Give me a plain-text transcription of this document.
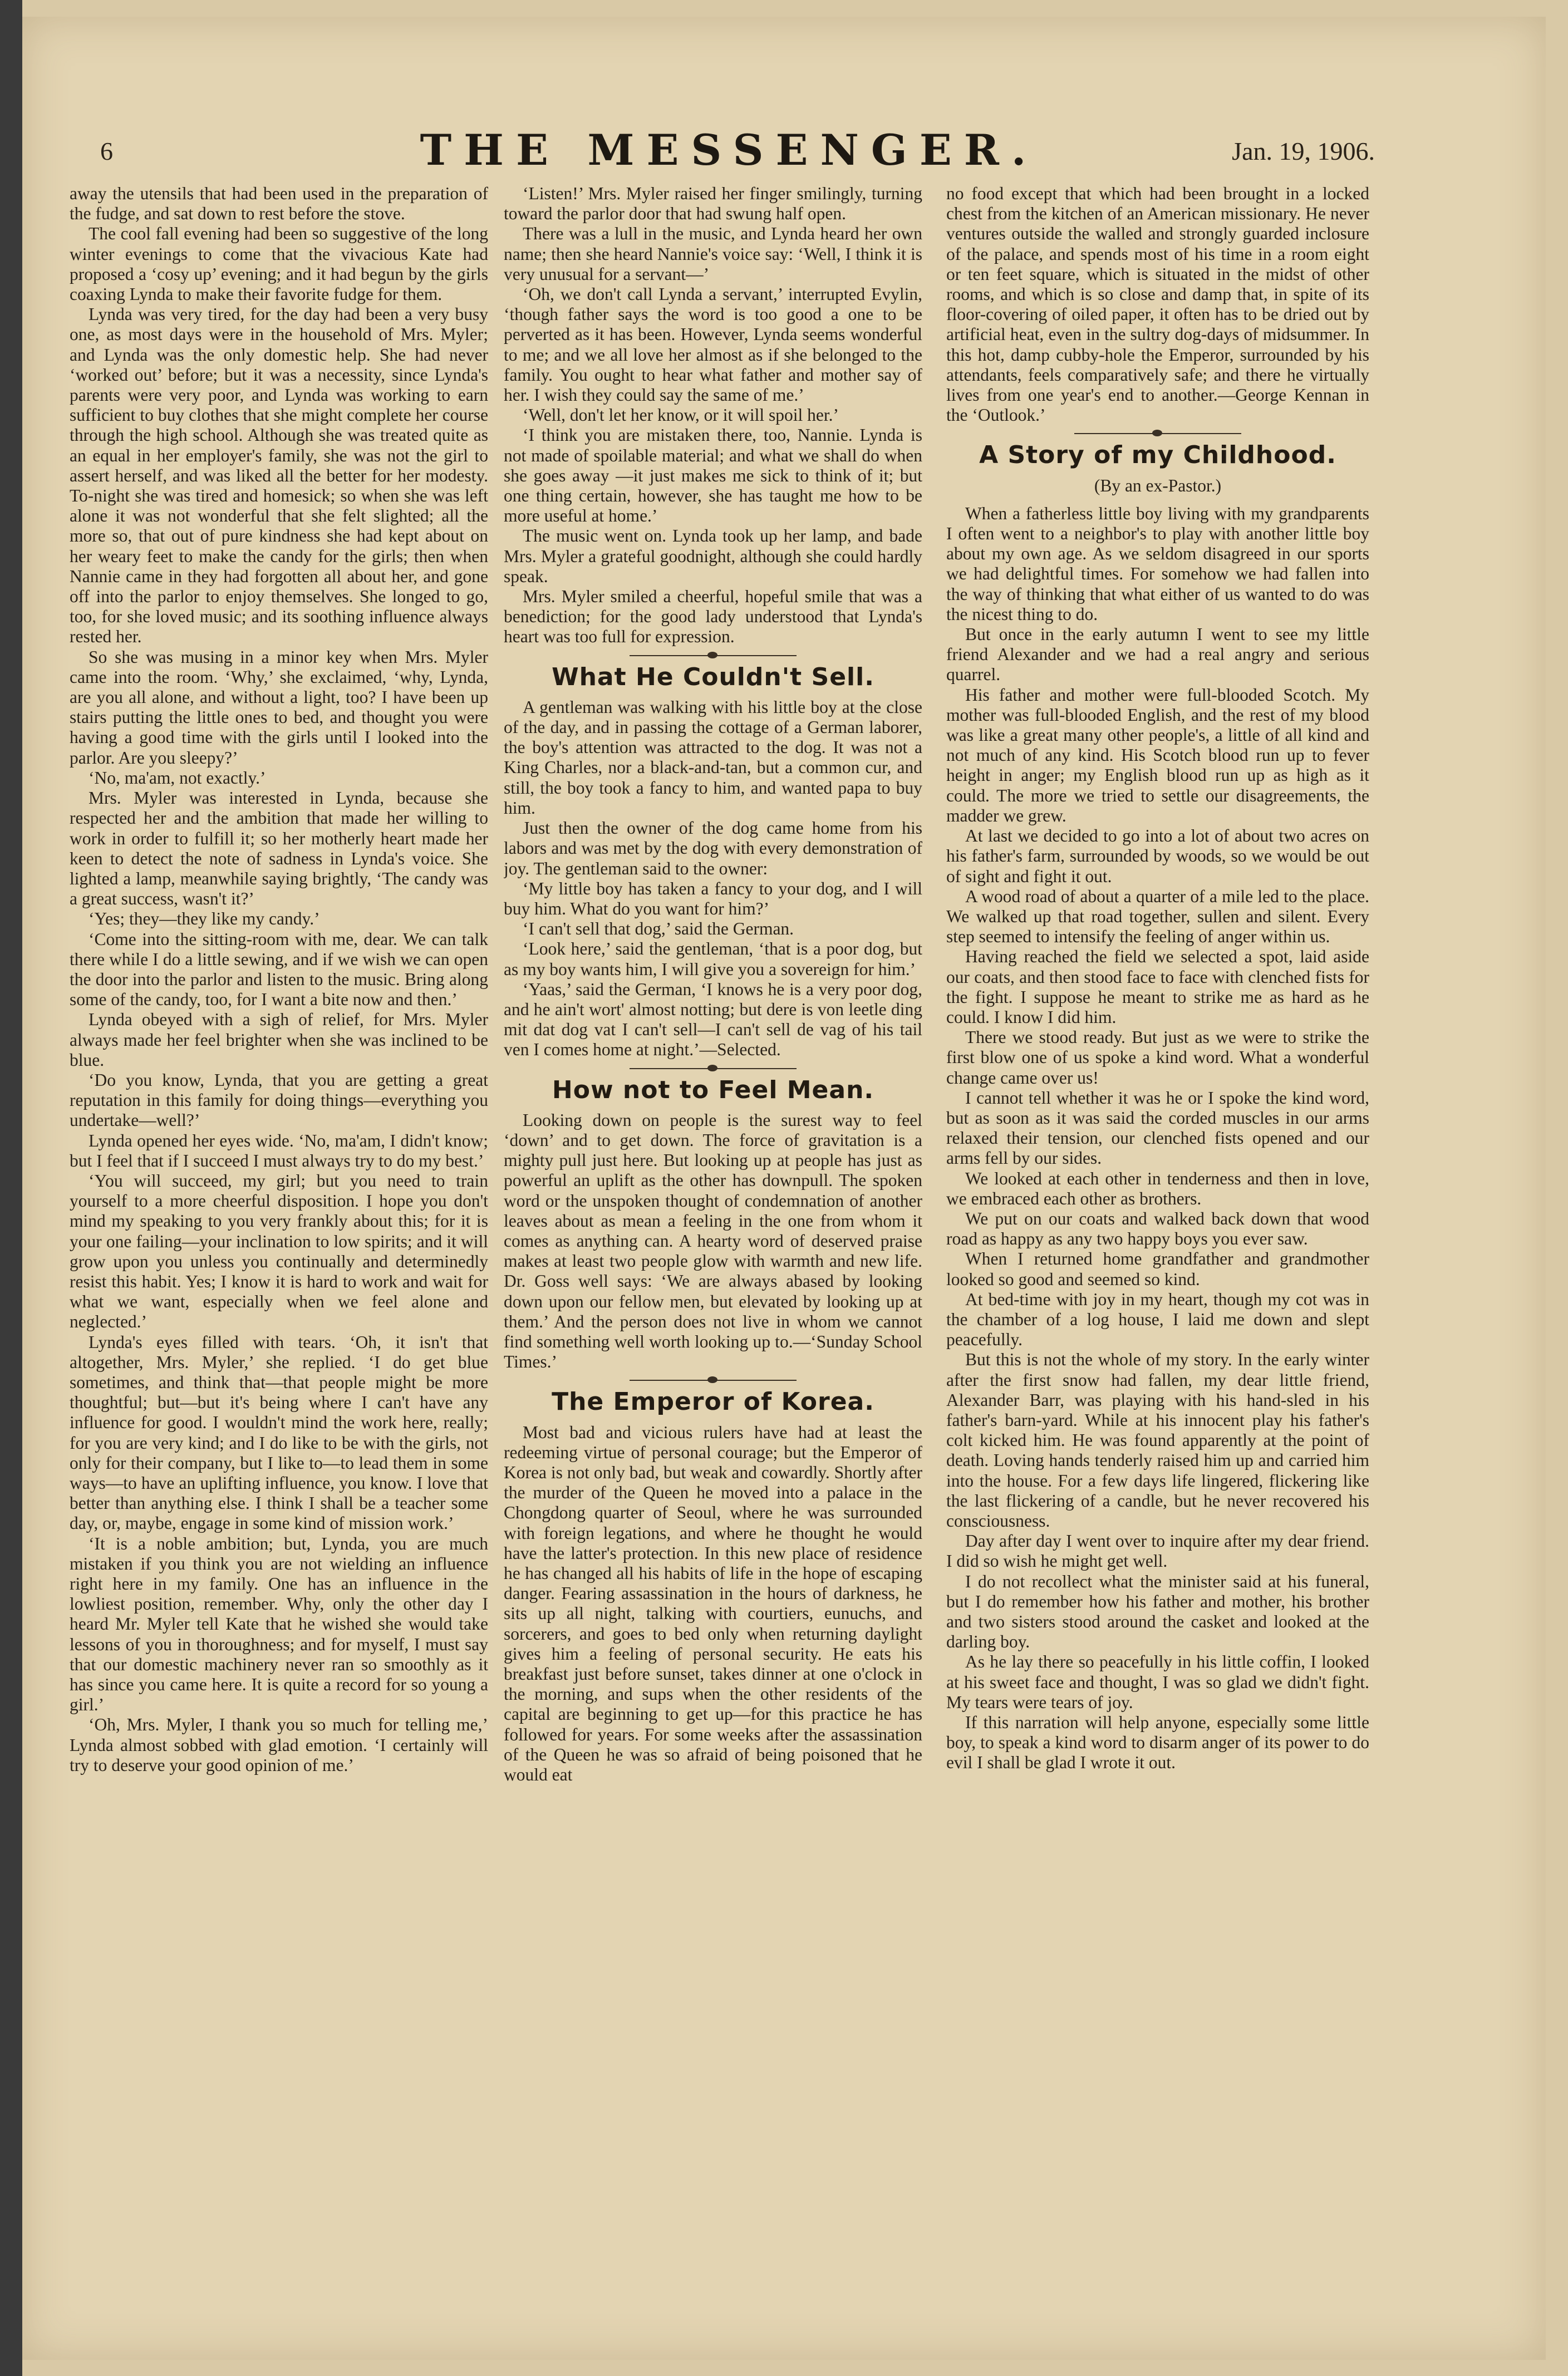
6	THE MESSENGER.	Jan. 19, 1906.

away the utensils that had been used in the preparation of the fudge, and sat down to rest before the stove.

The cool fall evening had been so suggestive of the long winter evenings to come that the vivacious Kate had proposed a ‘cosy up’ evening; and it had begun by the girls coaxing Lynda to make their favorite fudge for them.

Lynda was very tired, for the day had been a very busy one, as most days were in the household of Mrs. Myler; and Lynda was the only domestic help. She had never ‘worked out’ before; but it was a necessity, since Lynda's parents were very poor, and Lynda was working to earn sufficient to buy clothes that she might complete her course through the high school. Although she was treated quite as an equal in her employer's family, she was not the girl to assert herself, and was liked all the better for her modesty. To-night she was tired and homesick; so when she was left alone it was not wonderful that she felt slighted; all the more so, that out of pure kindness she had kept about on her weary feet to make the candy for the girls; then when Nannie came in they had forgotten all about her, and gone off into the parlor to enjoy themselves. She longed to go, too, for she loved music; and its soothing influence always rested her.

So she was musing in a minor key when Mrs. Myler came into the room. ‘Why,’ she exclaimed, ‘why, Lynda, are you all alone, and without a light, too? I have been up stairs putting the little ones to bed, and thought you were having a good time with the girls until I looked into the parlor. Are you sleepy?’

‘No, ma'am, not exactly.’

Mrs. Myler was interested in Lynda, because she respected her and the ambition that made her willing to work in order to fulfill it; so her motherly heart made her keen to detect the note of sadness in Lynda's voice. She lighted a lamp, meanwhile saying brightly, ‘The candy was a great success, wasn't it?’

‘Yes; they—they like my candy.’

‘Come into the sitting-room with me, dear. We can talk there while I do a little sewing, and if we wish we can open the door into the parlor and listen to the music. Bring along some of the candy, too, for I want a bite now and then.’

Lynda obeyed with a sigh of relief, for Mrs. Myler always made her feel brighter when she was inclined to be blue.

‘Do you know, Lynda, that you are getting a great reputation in this family for doing things—everything you undertake—well?’

Lynda opened her eyes wide. ‘No, ma'am, I didn't know; but I feel that if I succeed I must always try to do my best.’

‘You will succeed, my girl; but you need to train yourself to a more cheerful disposition. I hope you don't mind my speaking to you very frankly about this; for it is your one failing—your inclination to low spirits; and it will grow upon you unless you continually and determinedly resist this habit. Yes; I know it is hard to work and wait for what we want, especially when we feel alone and neglected.’

Lynda's eyes filled with tears. ‘Oh, it isn't that altogether, Mrs. Myler,’ she replied. ‘I do get blue sometimes, and think that—that people might be more thoughtful; but—but it's being where I can't have any influence for good. I wouldn't mind the work here, really; for you are very kind; and I do like to be with the girls, not only for their company, but I like to—to lead them in some ways—to have an uplifting influence, you know. I love that better than anything else. I think I shall be a teacher some day, or, maybe, engage in some kind of mission work.’

‘It is a noble ambition; but, Lynda, you are much mistaken if you think you are not wielding an influence right here in my family. One has an influence in the lowliest position, remember. Why, only the other day I heard Mr. Myler tell Kate that he wished she would take lessons of you in thoroughness; and for myself, I must say that our domestic machinery never ran so smoothly as it has since you came here. It is quite a record for so young a girl.’

‘Oh, Mrs. Myler, I thank you so much for telling me,’ Lynda almost sobbed with glad emotion. ‘I certainly will try to deserve your good opinion of me.’

‘Listen!’ Mrs. Myler raised her finger smilingly, turning toward the parlor door that had swung half open.

There was a lull in the music, and Lynda heard her own name; then she heard Nannie's voice say: ‘Well, I think it is very unusual for a servant—’

‘Oh, we don't call Lynda a servant,’ interrupted Evylin, ‘though father says the word is too good a one to be perverted as it has been. However, Lynda seems wonderful to me; and we all love her almost as if she belonged to the family. You ought to hear what father and mother say of her. I wish they could say the same of me.’

‘Well, don't let her know, or it will spoil her.’

‘I think you are mistaken there, too, Nannie. Lynda is not made of spoilable material; and what we shall do when she goes away —it just makes me sick to think of it; but one thing certain, however, she has taught me how to be more useful at home.’

The music went on. Lynda took up her lamp, and bade Mrs. Myler a grateful goodnight, although she could hardly speak.

Mrs. Myler smiled a cheerful, hopeful smile that was a benediction; for the good lady understood that Lynda's heart was too full for expression.

What He Couldn't Sell.

A gentleman was walking with his little boy at the close of the day, and in passing the cottage of a German laborer, the boy's attention was attracted to the dog. It was not a King Charles, nor a black-and-tan, but a common cur, and still, the boy took a fancy to him, and wanted papa to buy him.

Just then the owner of the dog came home from his labors and was met by the dog with every demonstration of joy. The gentleman said to the owner:

‘My little boy has taken a fancy to your dog, and I will buy him. What do you want for him?’

‘I can't sell that dog,’ said the German.

‘Look here,’ said the gentleman, ‘that is a poor dog, but as my boy wants him, I will give you a sovereign for him.’

‘Yaas,’ said the German, ‘I knows he is a very poor dog, and he ain't wort' almost notting; but dere is von leetle ding mit dat dog vat I can't sell—I can't sell de vag of his tail ven I comes home at night.’—Selected.

How not to Feel Mean.

Looking down on people is the surest way to feel ‘down’ and to get down. The force of gravitation is a mighty pull just here. But looking up at people has just as powerful an uplift as the other has downpull. The spoken word or the unspoken thought of condemnation of another leaves about as mean a feeling in the one from whom it comes as anything can. A hearty word of deserved praise makes at least two people glow with warmth and new life. Dr. Goss well says: ‘We are always abased by looking down upon our fellow men, but elevated by looking up at them.’ And the person does not live in whom we cannot find something well worth looking up to.—‘Sunday School Times.’

The Emperor of Korea.

Most bad and vicious rulers have had at least the redeeming virtue of personal courage; but the Emperor of Korea is not only bad, but weak and cowardly. Shortly after the murder of the Queen he moved into a palace in the Chongdong quarter of Seoul, where he was surrounded with foreign legations, and where he thought he would have the latter's protection. In this new place of residence he has changed all his habits of life in the hope of escaping danger. Fearing assassination in the hours of darkness, he sits up all night, talking with courtiers, eunuchs, and sorcerers, and goes to bed only when returning daylight gives him a feeling of personal security. He eats his breakfast just before sunset, takes dinner at one o'clock in the morning, and sups when the other residents of the capital are beginning to get up—for this practice he has followed for years. For some weeks after the assassination of the Queen he was so afraid of being poisoned that he would eat

no food except that which had been brought in a locked chest from the kitchen of an American missionary. He never ventures outside the walled and strongly guarded inclosure of the palace, and spends most of his time in a room eight or ten feet square, which is situated in the midst of other rooms, and which is so close and damp that, in spite of its floor-covering of oiled paper, it often has to be dried out by artificial heat, even in the sultry dog-days of midsummer. In this hot, damp cubby-hole the Emperor, surrounded by his attendants, feels comparatively safe; and there he virtually lives from one year's end to another.—George Kennan in the ‘Outlook.’

A Story of my Childhood.

(By an ex-Pastor.)

When a fatherless little boy living with my grandparents I often went to a neighbor's to play with another little boy about my own age. As we seldom disagreed in our sports we had delightful times. For somehow we had fallen into the way of thinking that what either of us wanted to do was the nicest thing to do.

But once in the early autumn I went to see my little friend Alexander and we had a real angry and serious quarrel.

His father and mother were full-blooded Scotch. My mother was full-blooded English, and the rest of my blood was like a great many other people's, a little of all kind and not much of any kind. His Scotch blood run up to fever height in anger; my English blood run up as high as it could. The more we tried to settle our disagreements, the madder we grew.

At last we decided to go into a lot of about two acres on his father's farm, surrounded by woods, so we would be out of sight and fight it out.

A wood road of about a quarter of a mile led to the place. We walked up that road together, sullen and silent. Every step seemed to intensify the feeling of anger within us.

Having reached the field we selected a spot, laid aside our coats, and then stood face to face with clenched fists for the fight. I suppose he meant to strike me as hard as he could. I know I did him.

There we stood ready. But just as we were to strike the first blow one of us spoke a kind word. What a wonderful change came over us!

I cannot tell whether it was he or I spoke the kind word, but as soon as it was said the corded muscles in our arms relaxed their tension, our clenched fists opened and our arms fell by our sides.

We looked at each other in tenderness and then in love, we embraced each other as brothers.

We put on our coats and walked back down that wood road as happy as any two happy boys you ever saw.

When I returned home grandfather and grandmother looked so good and seemed so kind.

At bed-time with joy in my heart, though my cot was in the chamber of a log house, I laid me down and slept peacefully.

But this is not the whole of my story. In the early winter after the first snow had fallen, my dear little friend, Alexander Barr, was playing with his hand-sled in his father's barn-yard. While at his innocent play his father's colt kicked him. He was found apparently at the point of death. Loving hands tenderly raised him up and carried him into the house. For a few days life lingered, flickering like the last flickering of a candle, but he never recovered his consciousness.

Day after day I went over to inquire after my dear friend. I did so wish he might get well.

I do not recollect what the minister said at his funeral, but I do remember how his father and mother, his brother and two sisters stood around the casket and looked at the darling boy.

As he lay there so peacefully in his little coffin, I looked at his sweet face and thought, I was so glad we didn't fight. My tears were tears of joy.

If this narration will help anyone, especially some little boy, to speak a kind word to disarm anger of its power to do evil I shall be glad I wrote it out.
